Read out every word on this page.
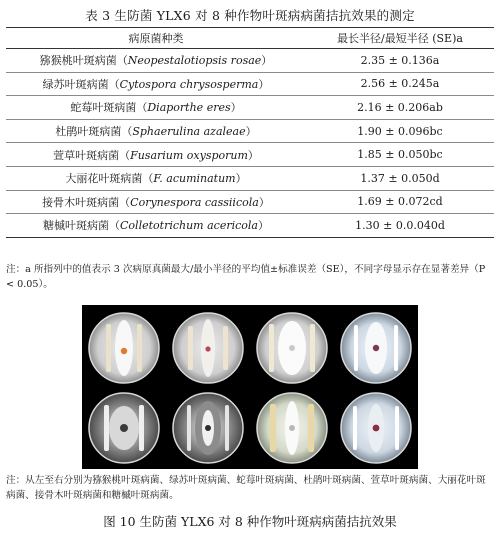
表 3 生防菌 YLX6 对 8 种作物叶斑病病菌拮抗效果的测定
病原菌种类	最长半径/最短半径 (SE)a
猕猴桃叶斑病菌（Neopestalotiopsis rosae）	2.35 ± 0.136a
绿苏叶斑病菌（Cytospora chrysosperma）	2.56 ± 0.245a
蛇莓叶斑病菌（Diaporthe eres）	2.16 ± 0.206ab
杜鹃叶斑病菌（Sphaerulina azaleae）	1.90 ± 0.096bc
萱草叶斑病菌（Fusarium oxysporum）	1.85 ± 0.050bc
大丽花叶斑病菌（F. acuminatum）	1.37 ± 0.050d
接骨木叶斑病菌（Corynespora cassiicola）	1.69 ± 0.072cd
糖槭叶斑病菌（Colletotrichum acericola）	1.30 ± 0.0.040d
注：a 所指列中的值表示 3 次病原真菌最大/最小半径的平均值±标准误差（SE），不同字母显示存在显著差异（P < 0.05）。
注：从左至右分别为猕猴桃叶斑病菌、绿苏叶斑病菌、蛇莓叶斑病菌、杜鹃叶斑病菌、萱草叶斑病菌、大丽花叶斑病菌、接骨木叶斑病菌和糖槭叶斑病菌。
图 10 生防菌 YLX6 对 8 种作物叶斑病病菌拮抗效果
